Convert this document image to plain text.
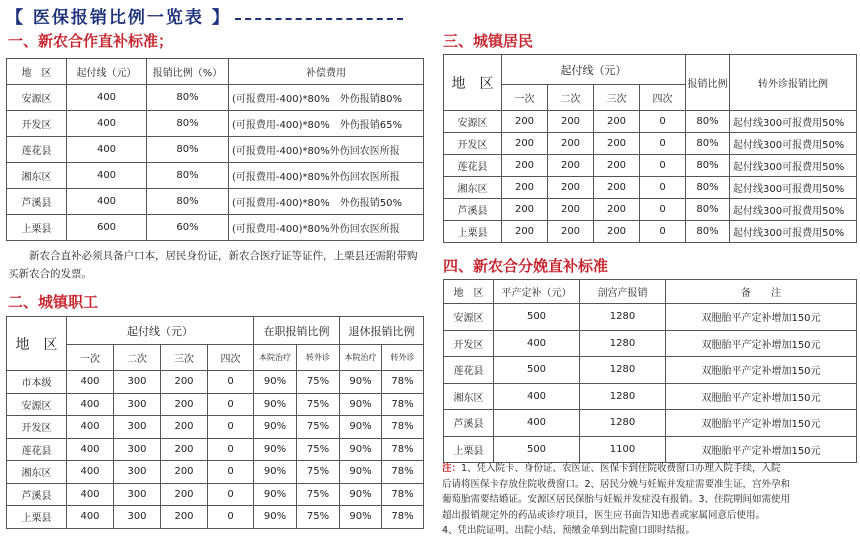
【 医保报销比例一览表 】
一、新农合作直补标准；
地　区	起付线（元）	报销比例（%）	补偿费用
安源区	400	80%	(可报费用-400)*80%　外伤报销80%
开发区	400	80%	(可报费用-400)*80%　外伤报销65%
莲花县	400	80%	(可报费用-400)*80%外伤回农医所报
湘东区	400	80%	(可报费用-400)*80%外伤回农医所报
芦溪县	400	80%	(可报费用-400)*80%　外伤报销50%
上栗县	600	60%	(可报费用-400)*80%外伤回农医所报
　　新农合直补必须具备户口本，居民身份证，新农合医疗证等证件，上栗县还需附带购买新农合的发票。
二、城镇职工
地　区	起付线（元）				在职报销比例		退休报销比例	
	一次	二次	三次	四次	本院治疗	转外诊	本院治疗	转外诊
市本级	400	300	200	0	90%	75%	90%	78%
安源区	400	300	200	0	90%	75%	90%	78%
开发区	400	300	200	0	90%	75%	90%	78%
莲花县	400	300	200	0	90%	75%	90%	78%
湘东区	400	300	200	0	90%	75%	90%	78%
芦溪县	400	300	200	0	90%	75%	90%	78%
上栗县	400	300	200	0	90%	75%	90%	78%
三、城镇居民
地　区	起付线（元）				报销比例	转外诊报销比例
	一次	二次	三次	四次		
安源区	200	200	200	0	80%	起付线300可报费用50%
开发区	200	200	200	0	80%	起付线300可报费用50%
莲花县	200	200	200	0	80%	起付线300可报费用50%
湘东区	200	200	200	0	80%	起付线300可报费用50%
芦溪县	200	200	200	0	80%	起付线300可报费用50%
上栗县	200	200	200	0	80%	起付线300可报费用50%
四、新农合分娩直补标准
地　区	平产定补（元）	剖宫产报销	备　　注
安源区	500	1280	双胞胎平产定补增加150元
开发区	400	1280	双胞胎平产定补增加150元
莲花县	500	1280	双胞胎平产定补增加150元
湘东区	400	1280	双胞胎平产定补增加150元
芦溪县	400	1280	双胞胎平产定补增加150元
上栗县	500	1100	双胞胎平产定补增加150元
注：1、凭入院卡、身份证、农医证、医保卡到住院收费窗口办理入院手续，入院
后请将医保卡存放住院收费窗口。2、居民分娩与妊娠并发症需要准生证，宫外孕和
葡萄胎需要结婚证。安源区居民保胎与妊娠并发症没有报销。3、住院期间如需使用
超出报销规定外的药品或诊疗项目，医生应书面告知患者或家属同意后使用。
4、凭出院证明、出院小结、预缴金单到出院窗口即时结报。
